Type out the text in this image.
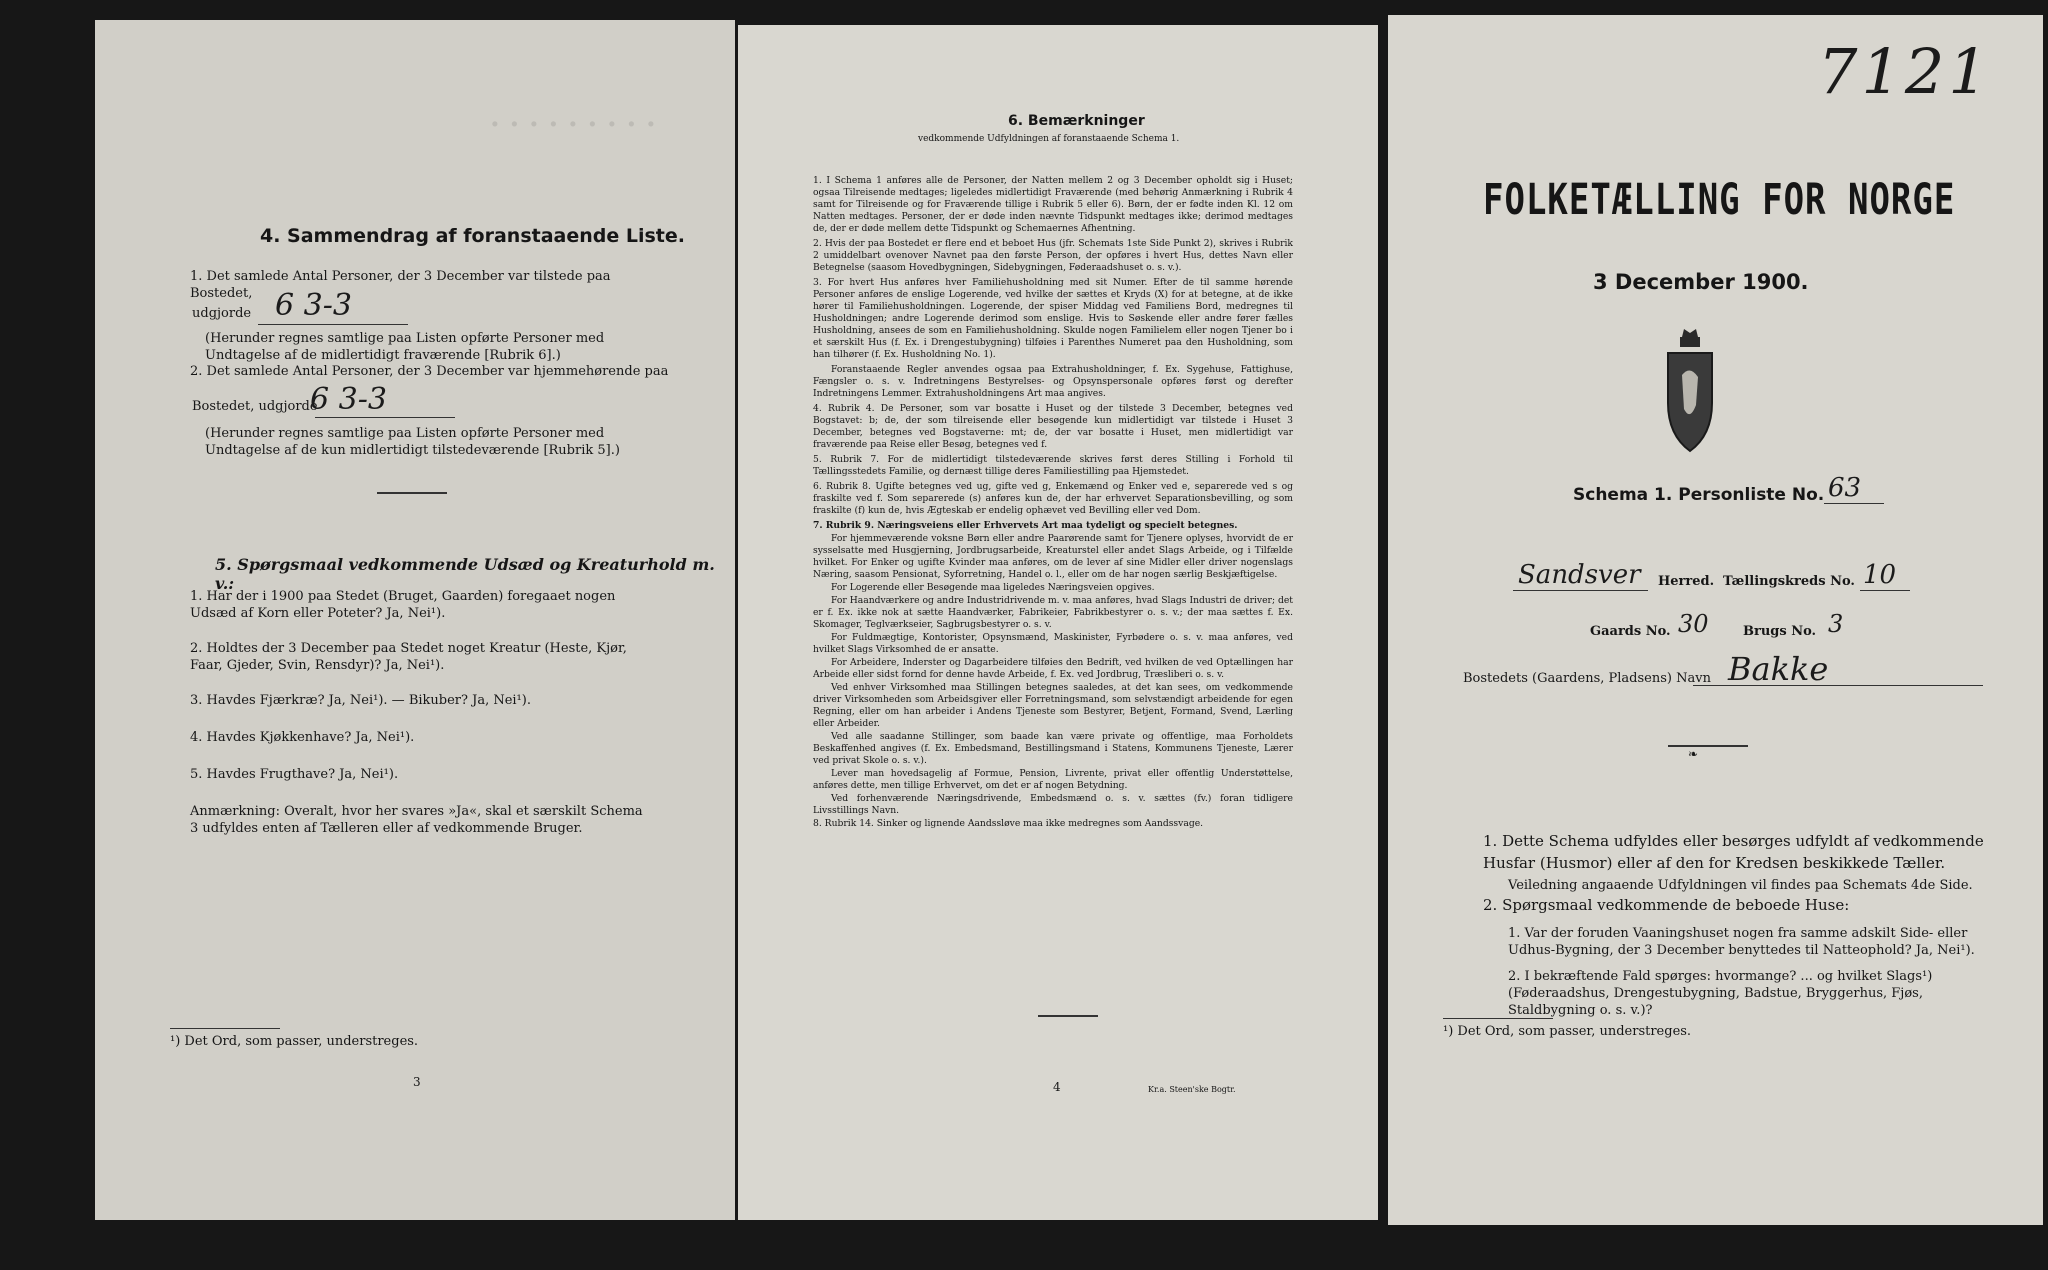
. . . . . . . . .
4. Sammendrag af foranstaaende Liste.
1. Det samlede Antal Personer, der 3 December var tilstede paa Bostedet,
udgjorde 6 3-3
(Herunder regnes samtlige paa Listen opførte Personer med Undtagelse af de midlertidigt fraværende [Rubrik 6].)
2. Det samlede Antal Personer, der 3 December var hjemmehørende paa
Bostedet, udgjorde
6 3-3
(Herunder regnes samtlige paa Listen opførte Personer med Undtagelse af de kun midlertidigt tilstedeværende [Rubrik 5].)
5. Spørgsmaal vedkommende Udsæd og Kreaturhold m. v.:
1. Har der i 1900 paa Stedet (Bruget, Gaarden) foregaaet nogen Udsæd af Korn eller Poteter? Ja, Nei¹).
2. Holdtes der 3 December paa Stedet noget Kreatur (Heste, Kjør, Faar, Gjeder, Svin, Rensdyr)? Ja, Nei¹).
3. Havdes Fjærkræ? Ja, Nei¹). — Bikuber? Ja, Nei¹).
4. Havdes Kjøkkenhave? Ja, Nei¹).
5. Havdes Frugthave? Ja, Nei¹).
Anmærkning: Overalt, hvor her svares »Ja«, skal et særskilt Schema 3 udfyldes enten af Tælleren eller af vedkommende Bruger.
¹) Det Ord, som passer, understreges.
3
6. Bemærkninger
vedkommende Udfyldningen af foranstaaende Schema 1.

1. I Schema 1 anføres alle de Personer, der Natten mellem 2 og 3 December opholdt sig i Huset; ogsaa Tilreisende medtages; ligeledes midlertidigt Fraværende (med behørig Anmærkning i Rubrik 4 samt for Tilreisende og for Fraværende tillige i Rubrik 5 eller 6). Børn, der er fødte inden Kl. 12 om Natten medtages. Personer, der er døde inden nævnte Tidspunkt medtages ikke; derimod medtages de, der er døde mellem dette Tidspunkt og Schemaernes Afhentning.

2. Hvis der paa Bostedet er flere end et beboet Hus (jfr. Schemats 1ste Side Punkt 2), skrives i Rubrik 2 umiddelbart ovenover Navnet paa den første Person, der opføres i hvert Hus, dettes Navn eller Betegnelse (saasom Hovedbygningen, Sidebygningen, Føderaadshuset o. s. v.).

3. For hvert Hus anføres hver Familiehusholdning med sit Numer. Efter de til samme hørende Personer anføres de enslige Logerende, ved hvilke der sættes et Kryds (X) for at betegne, at de ikke hører til Familiehusholdningen. Logerende, der spiser Middag ved Familiens Bord, medregnes til Husholdningen; andre Logerende derimod som enslige. Hvis to Søskende eller andre fører fælles Husholdning, ansees de som en Familiehusholdning. Skulde nogen Familielem eller nogen Tjener bo i et særskilt Hus (f. Ex. i Drengestubygning) tilføies i Parenthes Numeret paa den Husholdning, som han tilhører (f. Ex. Husholdning No. 1).

Foranstaaende Regler anvendes ogsaa paa Extrahusholdninger, f. Ex. Sygehuse, Fattighuse, Fængsler o. s. v. Indretningens Bestyrelses- og Opsynspersonale opføres først og derefter Indretningens Lemmer. Extrahusholdningens Art maa angives.

4. Rubrik 4. De Personer, som var bosatte i Huset og der tilstede 3 December, betegnes ved Bogstavet: b; de, der som tilreisende eller besøgende kun midlertidigt var tilstede i Huset 3 December, betegnes ved Bogstaverne: mt; de, der var bosatte i Huset, men midlertidigt var fraværende paa Reise eller Besøg, betegnes ved f.

5. Rubrik 7. For de midlertidigt tilstedeværende skrives først deres Stilling i Forhold til Tællingsstedets Familie, og dernæst tillige deres Familiestilling paa Hjemstedet.

6. Rubrik 8. Ugifte betegnes ved ug, gifte ved g, Enkemænd og Enker ved e, separerede ved s og fraskilte ved f. Som separerede (s) anføres kun de, der har erhvervet Separationsbevilling, og som fraskilte (f) kun de, hvis Ægteskab er endelig ophævet ved Bevilling eller ved Dom.

7. Rubrik 9. Næringsveiens eller Erhvervets Art maa tydeligt og specielt betegnes.

For hjemmeværende voksne Børn eller andre Paarørende samt for Tjenere oplyses, hvorvidt de er sysselsatte med Husgjerning, Jordbrugsarbeide, Kreaturstel eller andet Slags Arbeide, og i Tilfælde hvilket. For Enker og ugifte Kvinder maa anføres, om de lever af sine Midler eller driver nogenslags Næring, saasom Pensionat, Syforretning, Handel o. l., eller om de har nogen særlig Beskjæftigelse.

For Logerende eller Besøgende maa ligeledes Næringsveien opgives.

For Haandværkere og andre Industridrivende m. v. maa anføres, hvad Slags Industri de driver; det er f. Ex. ikke nok at sætte Haandværker, Fabrikeier, Fabrikbestyrer o. s. v.; der maa sættes f. Ex. Skomager, Teglværkseier, Sagbrugsbestyrer o. s. v.

For Fuldmægtige, Kontorister, Opsynsmænd, Maskinister, Fyrbødere o. s. v. maa anføres, ved hvilket Slags Virksomhed de er ansatte.

For Arbeidere, Inderster og Dagarbeidere tilføies den Bedrift, ved hvilken de ved Optællingen har Arbeide eller sidst fornd for denne havde Arbeide, f. Ex. ved Jordbrug, Træsliberi o. s. v.

Ved enhver Virksomhed maa Stillingen betegnes saaledes, at det kan sees, om vedkommende driver Virksomheden som Arbeidsgiver eller Forretningsmand, som selvstændigt arbeidende for egen Regning, eller om han arbeider i Andens Tjeneste som Bestyrer, Betjent, Formand, Svend, Lærling eller Arbeider.

Ved alle saadanne Stillinger, som baade kan være private og offentlige, maa Forholdets Beskaffenhed angives (f. Ex. Embedsmand, Bestillingsmand i Statens, Kommunens Tjeneste, Lærer ved privat Skole o. s. v.).

Lever man hovedsagelig af Formue, Pension, Livrente, privat eller offentlig Understøttelse, anføres dette, men tillige Erhvervet, om det er af nogen Betydning.

Ved forhenværende Næringsdrivende, Embedsmænd o. s. v. sættes (fv.) foran tidligere Livsstillings Navn.

8. Rubrik 14. Sinker og lignende Aandssløve maa ikke medregnes som Aandssvage.

4	Kr.a. Steen'ske Bogtr.
7121
FOLKETÆLLING FOR NORGE
3 December 1900.
Schema 1. Personliste No. 63
Sandsver Herred. Tællingskreds No. 10
Gaards No. 30	Brugs No. 3
Bostedets (Gaardens, Pladsens) Navn Bakke
❧
1. Dette Schema udfyldes eller besørges udfyldt af vedkommende Husfar (Husmor) eller af den for Kredsen beskikkede Tæller.
Veiledning angaaende Udfyldningen vil findes paa Schemats 4de Side.
2. Spørgsmaal vedkommende de beboede Huse:
1. Var der foruden Vaaningshuset nogen fra samme adskilt Side- eller Udhus-Bygning, der 3 December benyttedes til Natteophold? Ja, Nei¹).
2. I bekræftende Fald spørges: hvormange? ... og hvilket Slags¹) (Føderaadshus, Drengestubygning, Badstue, Bryggerhus, Fjøs, Staldbygning o. s. v.)?
¹) Det Ord, som passer, understreges.
